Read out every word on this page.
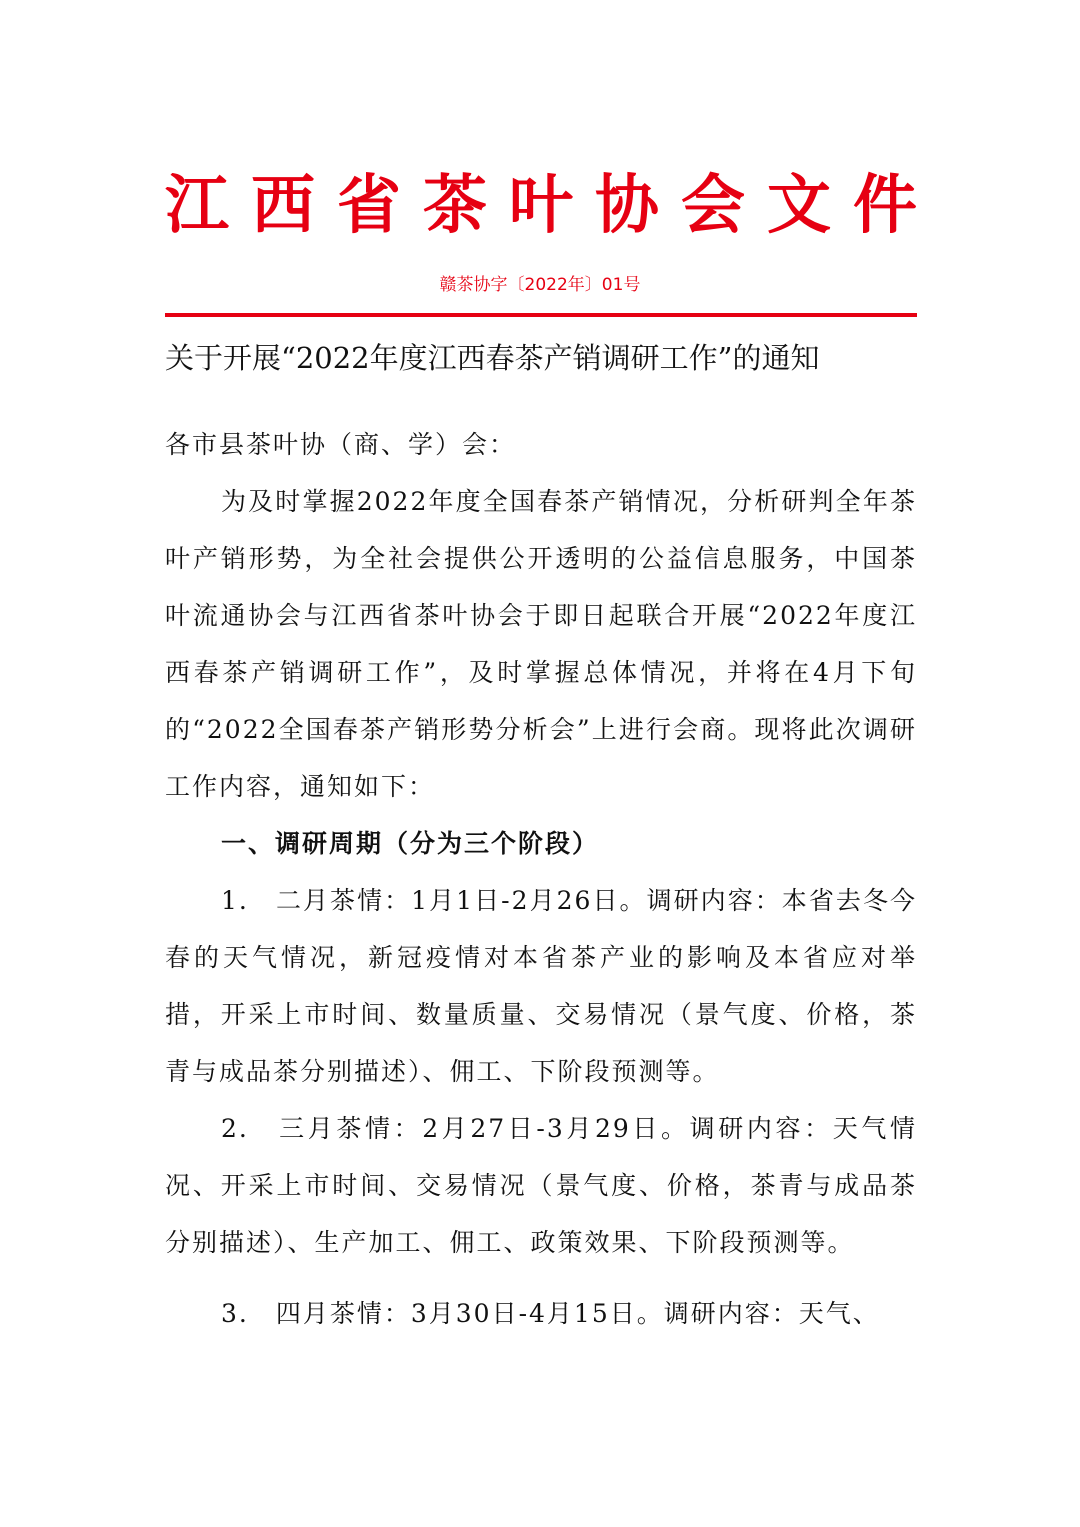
江 西 省 茶 叶 协 会 文 件
赣茶协字〔2022年〕01号
关于开展“2022年度江西春茶产销调研工作”的通知

各市县茶叶协（商、学）会：

为及时掌握2022年度全国春茶产销情况，分析研判全年茶叶产销形势，为全社会提供公开透明的公益信息服务，中国茶叶流通协会与江西省茶叶协会于即日起联合开展“2022年度江西春茶产销调研工作”，及时掌握总体情况，并将在4月下旬的“2022全国春茶产销形势分析会”上进行会商。现将此次调研工作内容，通知如下：

一、调研周期（分为三个阶段）

1.　二月茶情：1月1日-2月26日。调研内容：本省去冬今春的天气情况，新冠疫情对本省茶产业的影响及本省应对举措，开采上市时间、数量质量、交易情况（景气度、价格，茶青与成品茶分别描述）、佣工、下阶段预测等。

2.　三月茶情：2月27日-3月29日。调研内容：天气情况、开采上市时间、交易情况（景气度、价格，茶青与成品茶分别描述）、生产加工、佣工、政策效果、下阶段预测等。

3.　四月茶情：3月30日-4月15日。调研内容：天气、
